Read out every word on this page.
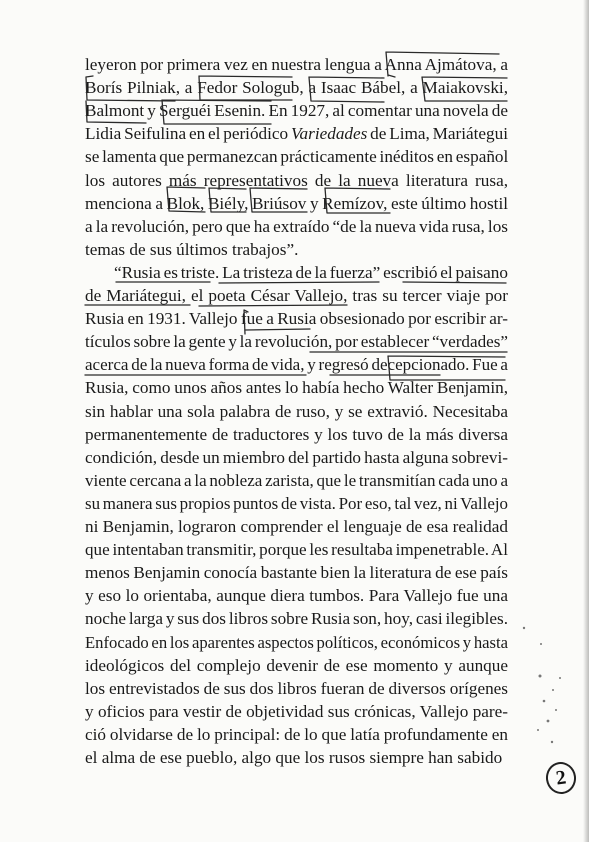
leyeron por primera vez en nuestra lengua a Anna Ajmátova, a

Borís Pilniak, a Fedor Sologub, a Isaac Bábel, a Maiakovski,

Balmont y Serguéi Esenin. En 1927, al comentar una novela de

Lidia Seifulina en el periódico Variedades de Lima, Mariátegui

se lamenta que permanezcan prácticamente inéditos en español

los autores más representativos de la nueva literatura rusa,

menciona a Blok, Biély, Briúsov y Remízov, este último hostil

a la revolución, pero que ha extraído “de la nueva vida rusa, los

temas de sus últimos trabajos”.

“Rusia es triste. La tristeza de la fuerza” escribió el paisano

de Mariátegui, el poeta César Vallejo, tras su tercer viaje por

Rusia en 1931. Vallejo fue a Rusia obsesionado por escribir ar-

tículos sobre la gente y la revolución, por establecer “verdades”

acerca de la nueva forma de vida, y regresó decepcionado. Fue a

Rusia, como unos años antes lo había hecho Walter Benjamin,

sin hablar una sola palabra de ruso, y se extravió. Necesitaba

permanentemente de traductores y los tuvo de la más diversa

condición, desde un miembro del partido hasta alguna sobrevi-

viente cercana a la nobleza zarista, que le transmitían cada uno a

su manera sus propios puntos de vista. Por eso, tal vez, ni Vallejo

ni Benjamin, lograron comprender el lenguaje de esa realidad

que intentaban transmitir, porque les resultaba impenetrable. Al

menos Benjamin conocía bastante bien la literatura de ese país

y eso lo orientaba, aunque diera tumbos. Para Vallejo fue una

noche larga y sus dos libros sobre Rusia son, hoy, casi ilegibles.

Enfocado en los aparentes aspectos políticos, económicos y hasta

ideológicos del complejo devenir de ese momento y aunque

los entrevistados de sus dos libros fueran de diversos orígenes

y oficios para vestir de objetividad sus crónicas, Vallejo pare-

ció olvidarse de lo principal: de lo que latía profundamente en

el alma de ese pueblo, algo que los rusos siempre han sabido

2
